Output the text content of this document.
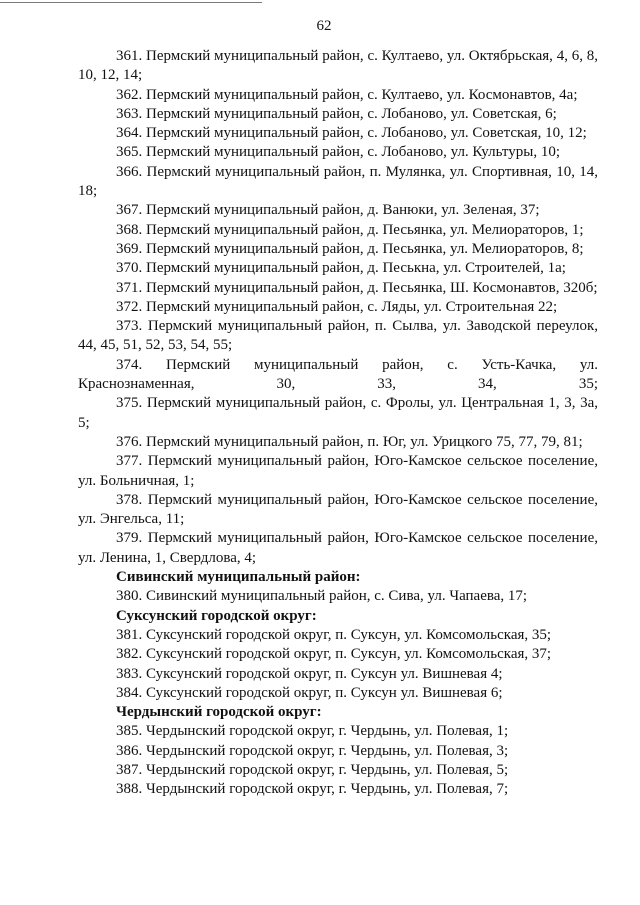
62

361. Пермский муниципальный район, с. Култаево, ул. Октябрьская, 4, 6, 8, 10, 12, 14;

362. Пермский муниципальный район, с. Култаево, ул. Космонавтов, 4а;

363. Пермский муниципальный район, с. Лобаново, ул. Советская, 6;

364. Пермский муниципальный район, с. Лобаново, ул. Советская, 10, 12;

365. Пермский муниципальный район, с. Лобаново, ул. Культуры, 10;

366. Пермский муниципальный район, п. Мулянка, ул. Спортивная, 10, 14, 18;

367. Пермский муниципальный район, д. Ванюки, ул. Зеленая, 37;

368. Пермский муниципальный район, д. Песьянка, ул. Мелиораторов, 1;

369. Пермский муниципальный район, д. Песьянка, ул. Мелиораторов, 8;

370. Пермский муниципальный район, д. Песькна, ул. Строителей, 1а;

371. Пермский муниципальный район, д. Песьянка, Ш. Космонавтов, 320б;

372. Пермский муниципальный район, с. Ляды, ул. Строительная 22;

373. Пермский муниципальный район, п. Сылва, ул. Заводской переулок, 44, 45, 51, 52, 53, 54, 55;

374. Пермский муниципальный район, с. Усть-Качка, ул. Краснознаменная, 30, 33, 34, 35;

375. Пермский муниципальный район, с. Фролы, ул. Центральная 1, 3, 3а, 5;

376. Пермский муниципальный район, п. Юг, ул. Урицкого 75, 77, 79, 81;

377. Пермский муниципальный район, Юго-Камское сельское поселение, ул. Больничная, 1;

378. Пермский муниципальный район, Юго-Камское сельское поселение, ул. Энгельса, 11;

379. Пермский муниципальный район, Юго-Камское сельское поселение, ул. Ленина, 1, Свердлова, 4;

Сивинский муниципальный район:

380. Сивинский муниципальный район, с. Сива, ул. Чапаева, 17;

Суксунский городской округ:

381. Суксунский городской округ, п. Суксун, ул. Комсомольская, 35;

382. Суксунский городской округ, п. Суксун, ул. Комсомольская, 37;

383. Суксунский городской округ, п. Суксун ул. Вишневая 4;

384. Суксунский городской округ, п. Суксун ул. Вишневая 6;

Чердынский городской округ:

385. Чердынский городской округ, г. Чердынь, ул. Полевая, 1;

386. Чердынский городской округ, г. Чердынь, ул. Полевая, 3;

387. Чердынский городской округ, г. Чердынь, ул. Полевая, 5;

388. Чердынский городской округ, г. Чердынь, ул. Полевая, 7;
